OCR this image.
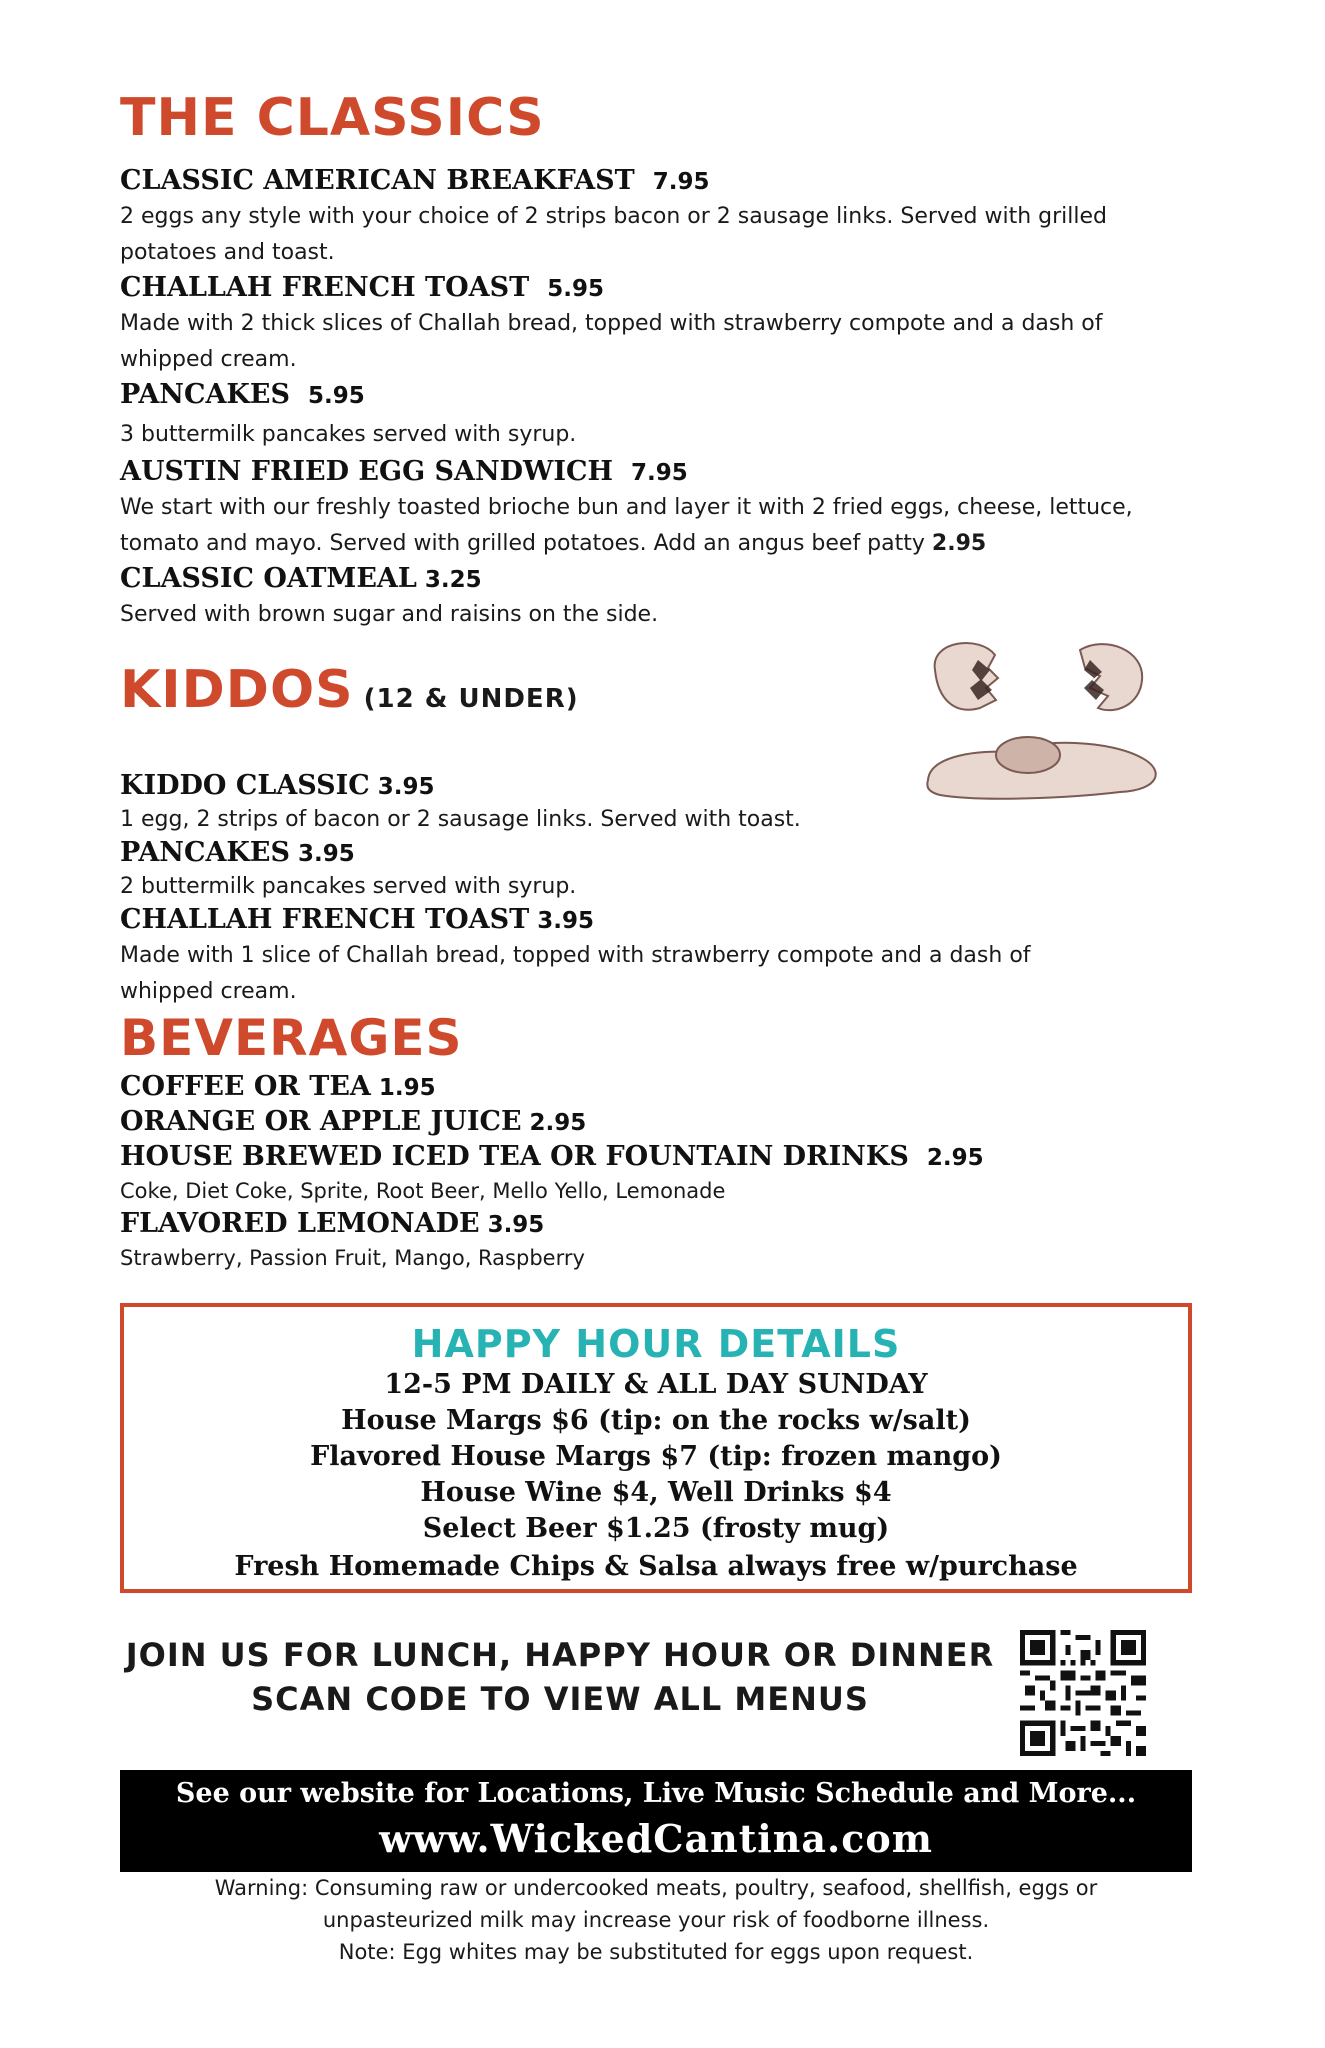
THE CLASSICS

CLASSIC AMERICAN BREAKFAST 7.95

2 eggs any style with your choice of 2 strips bacon or 2 sausage links. Served with grilled potatoes and toast.

CHALLAH FRENCH TOAST 5.95

Made with 2 thick slices of Challah bread, topped with strawberry compote and a dash of whipped cream.

PANCAKES 5.95

3 buttermilk pancakes served with syrup.

AUSTIN FRIED EGG SANDWICH 7.95

We start with our freshly toasted brioche bun and layer it with 2 fried eggs, cheese, lettuce, tomato and mayo. Served with grilled potatoes. Add an angus beef patty 2.95

CLASSIC OATMEAL 3.25

Served with brown sugar and raisins on the side.

KIDDOS (12 & UNDER)

KIDDO CLASSIC 3.95

1 egg, 2 strips of bacon or 2 sausage links. Served with toast.

PANCAKES 3.95

2 buttermilk pancakes served with syrup.

CHALLAH FRENCH TOAST 3.95

Made with 1 slice of Challah bread, topped with strawberry compote and a dash of whipped cream.

BEVERAGES

COFFEE OR TEA 1.95

ORANGE OR APPLE JUICE 2.95

HOUSE BREWED ICED TEA OR FOUNTAIN DRINKS 2.95

Coke, Diet Coke, Sprite, Root Beer, Mello Yello, Lemonade

FLAVORED LEMONADE 3.95

Strawberry, Passion Fruit, Mango, Raspberry

HAPPY HOUR DETAILS
12-5 PM DAILY & ALL DAY SUNDAY
House Margs $6 (tip: on the rocks w/salt)
Flavored House Margs $7 (tip: frozen mango)
House Wine $4, Well Drinks $4
Select Beer $1.25 (frosty mug)
Fresh Homemade Chips & Salsa always free w/purchase
JOIN US FOR LUNCH, HAPPY HOUR OR DINNER
SCAN CODE TO VIEW ALL MENUS
See our website for Locations, Live Music Schedule and More...
www.WickedCantina.com
Warning: Consuming raw or undercooked meats, poultry, seafood, shellfish, eggs or
unpasteurized milk may increase your risk of foodborne illness.
Note: Egg whites may be substituted for eggs upon request.
